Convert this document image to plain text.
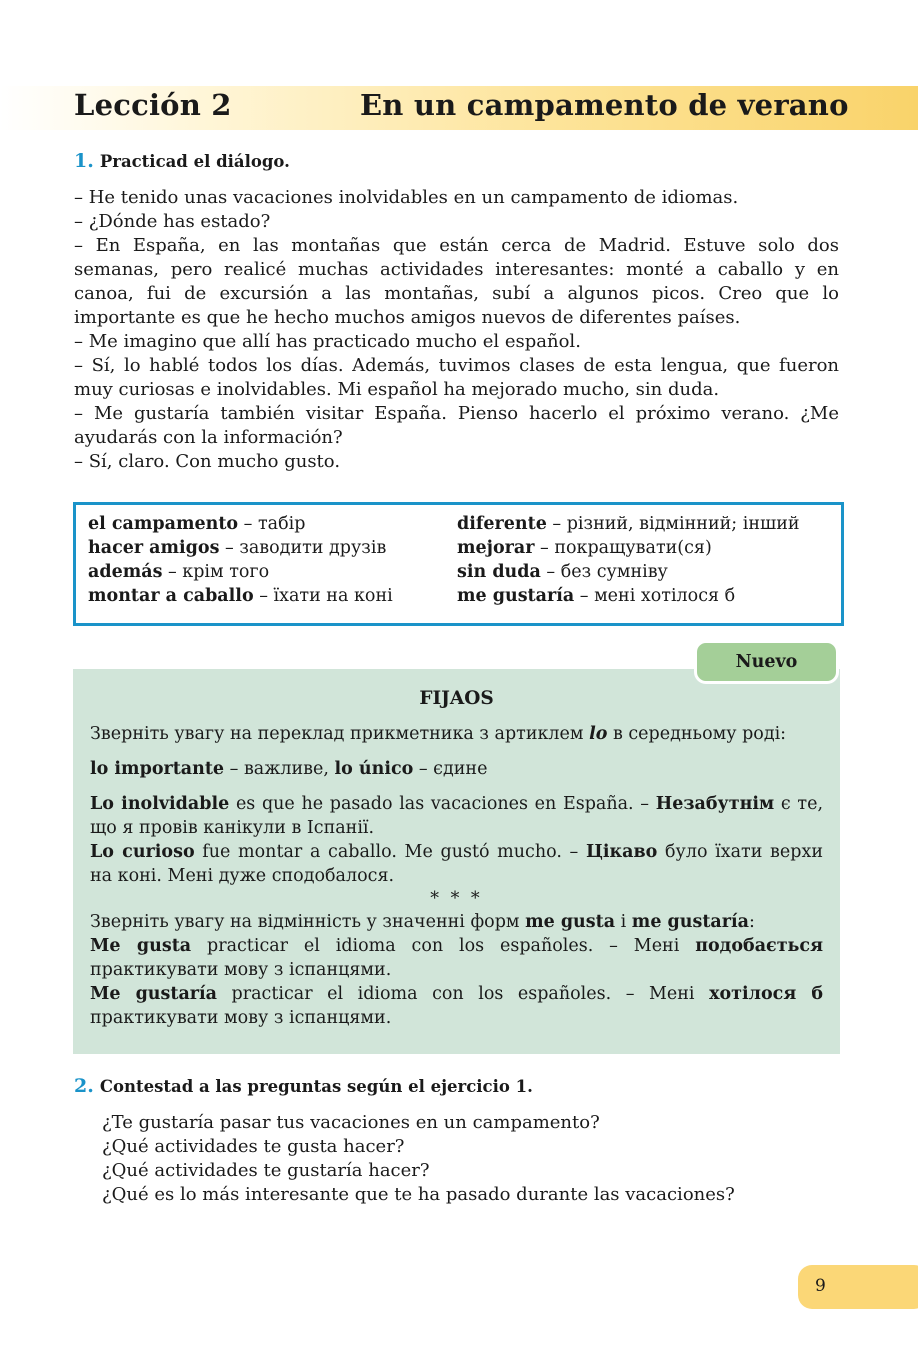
Lección 2	En un campamento de verano
1. Practicad el diálogo.

– He tenido unas vacaciones inolvidables en un campamento de idiomas.

– ¿Dónde has estado?

– En España, en las montañas que están cerca de Madrid. Estuve solo dos semanas, pero realicé muchas actividades interesantes: monté a caballo y en canoa, fui de excursión a las montañas, subí a algunos picos. Creo que lo importante es que he hecho muchos amigos nuevos de diferentes países.

– Me imagino que allí has practicado mucho el español.

– Sí, lo hablé todos los días. Además, tuvimos clases de esta lengua, que fueron muy curiosas e inolvidables. Mi español ha mejorado mucho, sin duda.

– Me gustaría también visitar España. Pienso hacerlo el próximo verano. ¿Me ayudarás con la información?

– Sí, claro. Con mucho gusto.

el campamento – табір
hacer amigos – заводити друзів
además – крім того
montar a caballo – їхати на коні
diferente – різний, відмінний; інший
mejorar – покращувати(ся)
sin duda – без сумніву
me gustaría – мені хотілося б
FIJAOS

Зверніть увагу на переклад прикметника з артиклем lo в середньому роді:

lo importante – важливе, lo único – єдине

Lo inolvidable es que he pasado las vacaciones en España. – Незабутнім є те, що я провів канікули в Іспанії.

Lo curioso fue montar a caballo. Me gustó mucho. – Цікаво було їхати верхи на коні. Мені дуже сподобалося.

* * *

Зверніть увагу на відмінність у значенні форм me gusta і me gustaría:

Me gusta practicar el idioma con los españoles. – Мені подобається практикувати мову з іспанцями.

Me gustaría practicar el idioma con los españoles. – Мені хотілося б практикувати мову з іспанцями.

Nuevo
2. Contestad a las preguntas según el ejercicio 1.

¿Te gustaría pasar tus vacaciones en un campamento?

¿Qué actividades te gusta hacer?

¿Qué actividades te gustaría hacer?

¿Qué es lo más interesante que te ha pasado durante las vacaciones?

9
